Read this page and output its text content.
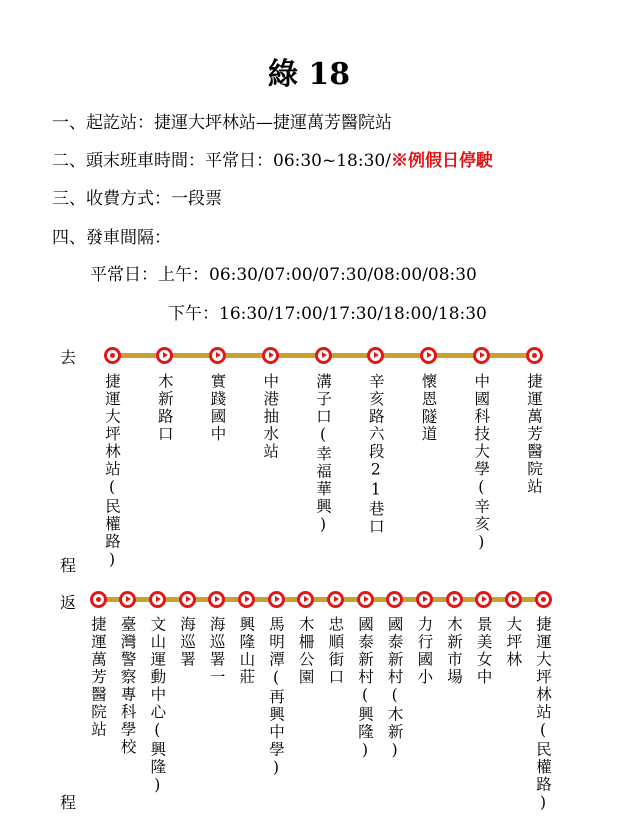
綠 18
一、起訖站：捷運大坪林站—捷運萬芳醫院站
二、頭末班車時間：平常日：06:30~18:30/※例假日停駛
三、收費方式：一段票
四、發車間隔：
平常日：上午：06:30/07:00/07:30/08:00/08:30
下午：16:30/17:00/17:30/18:00/18:30
去
程
返
程
捷運大坪林站(民權路) 木新路口 實踐國中 中港抽水站 溝子口(幸福華興) 辛亥路六段21巷口 懷恩隧道 中國科技大學(辛亥) 捷運萬芳醫院站
捷運萬芳醫院站 臺灣警察專科學校 文山運動中心(興隆) 海巡署 海巡署一 興隆山莊 馬明潭(再興中學) 木柵公園 忠順街口 國泰新村(興隆) 國泰新村(木新) 力行國小 木新市場 景美女中 大坪林 捷運大坪林站(民權路)
